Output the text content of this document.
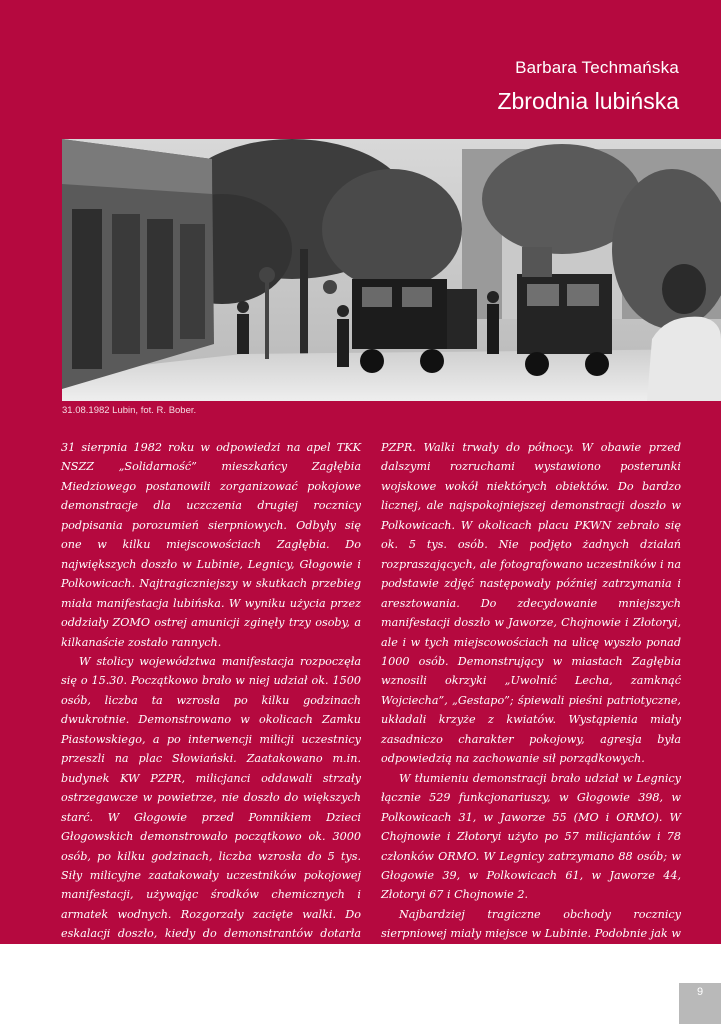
Barbara Techmańska
Zbrodnia lubińska
31.08.1982 Lubin, fot. R. Bober.

31 sierpnia 1982 roku w odpowiedzi na apel TKK NSZZ „Solidarność” mieszkańcy Zagłębia Miedziowego postanowili zorganizować pokojowe demonstracje dla uczczenia drugiej rocznicy podpisania porozumień sierpniowych. Odbyły się one w kilku miejscowościach Zagłębia. Do największych doszło w Lubinie, Legnicy, Głogowie i Polkowicach. Najtragiczniejszy w skutkach przebieg miała manifestacja lubińska. W wyniku użycia przez oddziały ZOMO ostrej amunicji zginęły trzy osoby, a kilkanaście zostało rannych.

W stolicy województwa manifestacja rozpoczęła się o 15.30. Początkowo brało w niej udział ok. 1500 osób, liczba ta wzrosła po kilku godzinach dwukrotnie. Demonstrowano w okolicach Zamku Piastowskiego, a po interwencji milicji uczestnicy przeszli na plac Słowiański. Zaatakowano m.in. budynek KW PZPR, milicjanci oddawali strzały ostrzegawcze w powietrze, nie doszło do większych starć. W Głogowie przed Pomnikiem Dzieci Głogowskich demonstrowało początkowo ok. 3000 osób, po kilku godzinach, liczba wzrosła do 5 tys. Siły milicyjne zaatakowały uczestników pokojowej manifestacji, używając środków chemicznych i armatek wodnych. Rozgorzały zacięte walki. Do eskalacji doszło, kiedy do demonstrantów dotarła informacja o tym, co wydarzyło się w Lubinie. Wybito szyby, a następnie podpalono budynek Komitetu Miejskiego

PZPR. Walki trwały do północy. W obawie przed dalszymi rozruchami wystawiono posterunki wojskowe wokół niektórych obiektów. Do bardzo licznej, ale najspokojniejszej demonstracji doszło w Polkowicach. W okolicach placu PKWN zebrało się ok. 5 tys. osób. Nie podjęto żadnych działań rozpraszających, ale fotografowano uczestników i na podstawie zdjęć następowały później zatrzymania i aresztowania. Do zdecydowanie mniejszych manifestacji doszło w Jaworze, Chojnowie i Złotoryi, ale i w tych miejscowościach na ulicę wyszło ponad 1000 osób. Demonstrujący w miastach Zagłębia wznosili okrzyki „Uwolnić Lecha, zamknąć Wojciecha”, „Gestapo”; śpiewali pieśni patriotyczne, układali krzyże z kwiatów. Wystąpienia miały zasadniczo charakter pokojowy, agresja była odpowiedzią na zachowanie sił porządkowych.

W tłumieniu demonstracji brało udział w Legnicy łącznie 529 funkcjonariuszy, w Głogowie 398, w Polkowicach 31, w Jaworze 55 (MO i ORMO). W Chojnowie i Złotoryi użyto po 57 milicjantów i 78 członków ORMO. W Legnicy zatrzymano 88 osób; w Głogowie 39, w Polkowicach 61, w Jaworze 44, Złotoryi 67 i Chojnowie 2.

Najbardziej tragiczne obchody rocznicy sierpniowej miały miejsce w Lubinie. Podobnie jak w całym województwie i tutaj władze podejmowały działania

9
